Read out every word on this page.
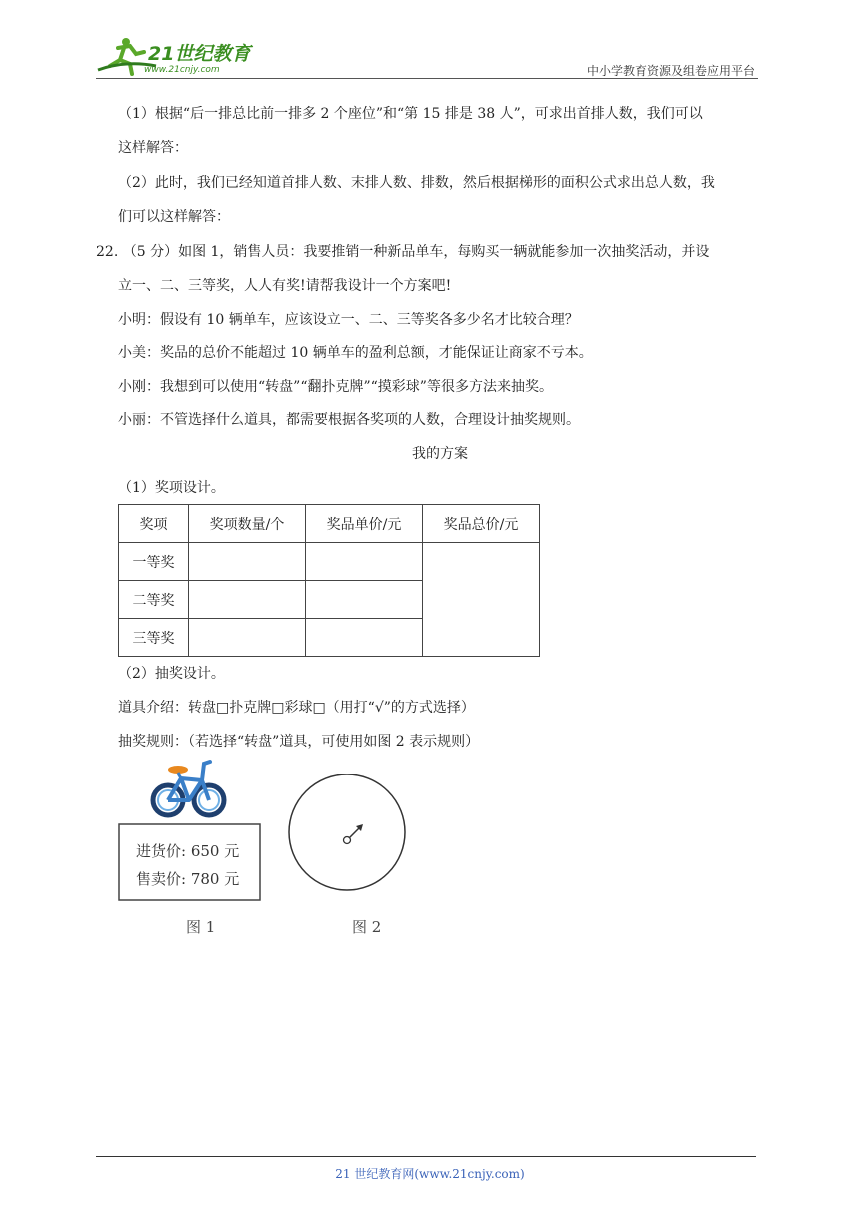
21世纪教育
www.21cnjy.com	中小学教育资源及组卷应用平台
（1）根据“后一排总比前一排多 2 个座位”和“第 15 排是 38 人”，可求出首排人数，我们可以
这样解答：
（2）此时，我们已经知道首排人数、末排人数、排数，然后根据梯形的面积公式求出总人数，我
们可以这样解答：
22. （5 分）如图 1，销售人员：我要推销一种新品单车，每购买一辆就能参加一次抽奖活动，并设
立一、二、三等奖，人人有奖!请帮我设计一个方案吧!
小明：假设有 10 辆单车，应该设立一、二、三等奖各多少名才比较合理？
小美：奖品的总价不能超过 10 辆单车的盈利总额，才能保证让商家不亏本。
小刚：我想到可以使用“转盘”“翻扑克牌”“摸彩球”等很多方法来抽奖。
小丽：不管选择什么道具，都需要根据各奖项的人数，合理设计抽奖规则。
我的方案
（1）奖项设计。
奖项	奖项数量/个	奖品单价/元	奖品总价/元
一等奖			
二等奖			
三等奖			
（2）抽奖设计。
道具介绍：转盘□扑克牌□彩球□（用打“√”的方式选择）
抽奖规则：（若选择“转盘”道具，可使用如图 2 表示规则）
进货价: 650 元
售卖价: 780 元
图 1	图 2
21 世纪教育网(www.21cnjy.com)
